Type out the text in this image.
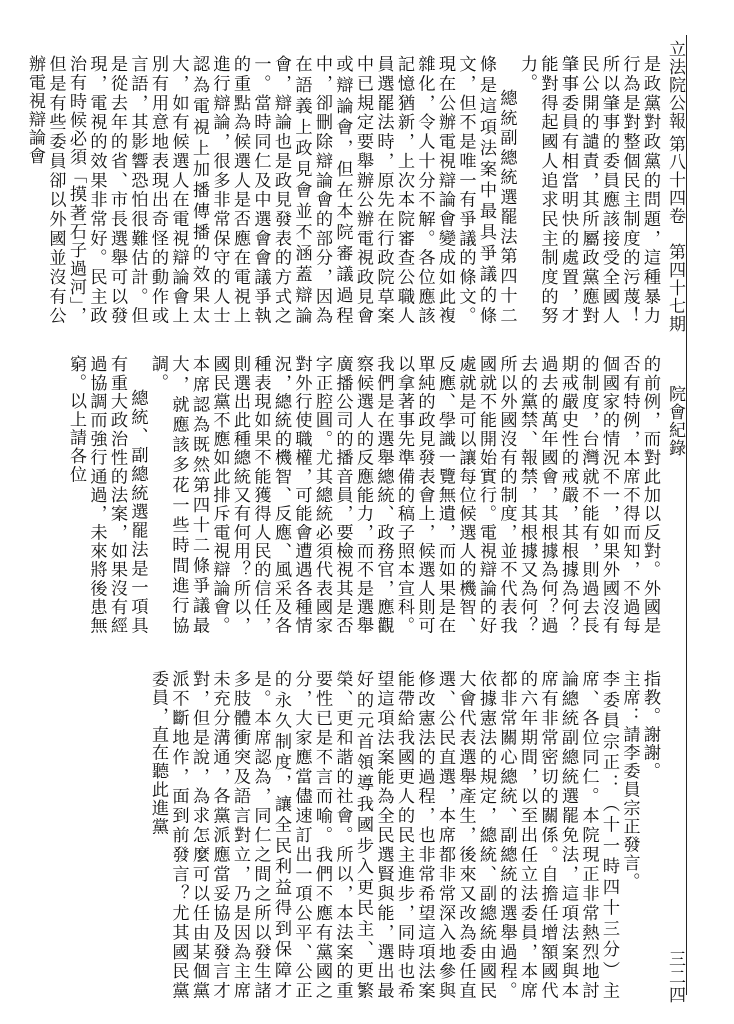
立法院公報
第八十四卷　第四十七期
院會紀錄
三二四

是政黨對政黨的問題，這種暴力行為是對整個民主制度的污蔑！所以肇事的委員應該接受全國人民公開的譴責，其所屬政黨應對肇事委員有相當明快的處置，才能對得起國人追求民主制度的努力。

總統副總統選罷法第四十二條是這項法案中最具爭議的條文，但不是唯一有爭議的條文。現在公辦電視辯論會變成如此複雜化，令人十分不解。各位應該記憶猶新，上次本院審查公職人員選罷法時，原先在行政院草案中已規定要舉辦公辦電視政見會或辯論會，但在本院審議過程中，卻刪除辯論會的部分，因為在語義上政見會並不涵蓋辯論會，辯論也是政見發表的方式之一。當時同仁及中選會會議爭執的重點為候選人是否應在電視上進行辯論，很多非常保守的人士認為電視上加播傳播的效果太大，如有候選人在電視辯論會上別有用意地表現出奇怪的動作或言語，其影響恐怕很難估計。但是從去年的省、市長選舉可以發現，電視的效果非常好。民主政治有時候必須「摸著石子過河」，但是有些委員卻以外國並沒有公辦電視辯論會

的前例，而對此加以反對。外國是否有特例，本席不得而知，不過每個國家的情況不一，如果外國沒有的制度，台灣就不能有，則過去長期戒嚴史性的戒嚴，其根據為何？過去的萬年國會，其根據為何？過去的黨禁、報禁，其根據又為何？所以外國沒有的制度，並不代表我國就不能開始實行。電視辯論的好處就是可以讓每位候選人的機智、反應、學識一覽無遺，而如果是在單純的政見發表會上，候選人則可以拿著事先準備的稿子照本宣科。我們是在選舉總統、政務官，應觀察候選人的反應能力，而不是選舉廣播公司的播音員，要檢視其是否字正腔圓。尤其總統必須代表國家對外行使職權，可能會遭遇各種情況，總統的機智、反應、風采及各種表現如果不能獲得人民的信任，則選出此種總統又有何用？所以，國民黨不應如此排斥電視辯論會。本席認為既然第四十二條爭議最大，就應該多花一些時間進行協調。

總統、副總統選罷法是一項具有重大政治性的法案，如果沒有經過協調而強行通過，未來將後患無窮。以上請各位

指教。謝謝。

主席：請李委員宗正發言。

李委員宗正：（十一時四十三分）主席、各位同仁。本院現正非常熱烈地討論總統副總統選罷免法，這項法案與本席有非常密切的關係。自擔任增額國代的六年期間，以至出任立法委員，本席都非常關心總統、副總統的選舉過程。依據憲法的規定，總統、副總統由國民大會代表選舉產生，後來又改為委任直選、公民直選，本席都非常深入地參與修改憲法的過程，也非常希望這項法案能帶給我國更人的民主進步，同時也希望這項法案能為全民選賢與能，選出最好的元首領導我國步入更民主、更繁榮、更和諧的社會。所以，本法案的重要性已是不言而喻。我們不應有黨國之分，大家應當儘速訂出一項公平、公正的永久制度，讓全民利益得到保障才是。本席認為，同仁之間之所以發生諸多肢體衝突及語言對立，乃是因為主席未充分溝通，各黨派應當妥協及發言才對，但是說，為求怎麼可以任由某個黨派不斷地作，面到前發言？尤其國民黨委員，直在聽此進黨
